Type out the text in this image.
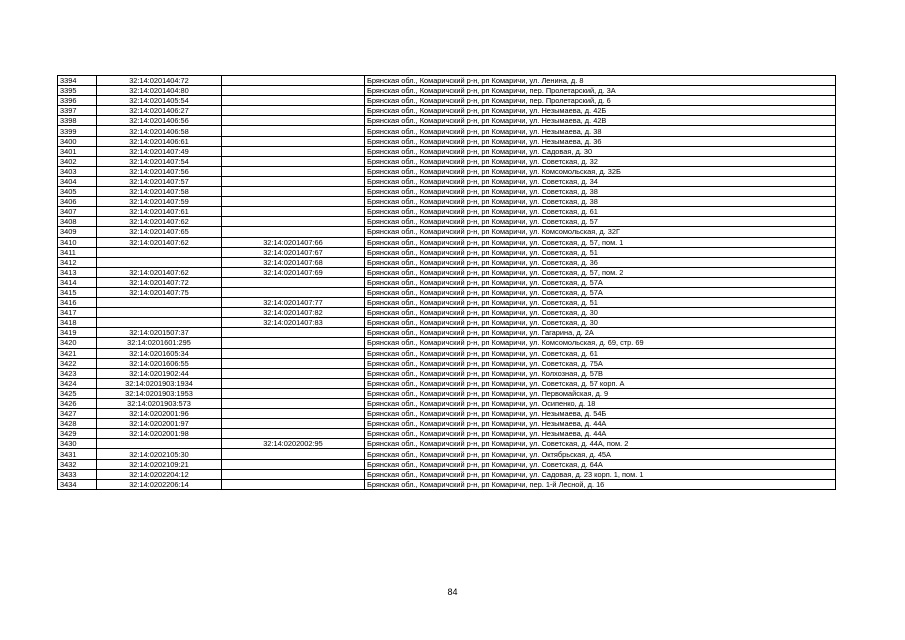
3394	32:14:0201404:72		Брянская обл., Комаричский р-н, рп Комаричи, ул. Ленина, д. 8
3395	32:14:0201404:80		Брянская обл., Комаричский р-н, рп Комаричи, пер. Пролетарский, д. 3А
3396	32:14:0201405:54		Брянская обл., Комаричский р-н, рп Комаричи, пер. Пролетарский, д. 6
3397	32:14:0201406:27		Брянская обл., Комаричский р-н, рп Комаричи, ул. Незымаева, д. 42Б
3398	32:14:0201406:56		Брянская обл., Комаричский р-н, рп Комаричи, ул. Незымаева, д. 42В
3399	32:14:0201406:58		Брянская обл., Комаричский р-н, рп Комаричи, ул. Незымаева, д. 38
3400	32:14:0201406:61		Брянская обл., Комаричский р-н, рп Комаричи, ул. Незымаева, д. 36
3401	32:14:0201407:49		Брянская обл., Комаричский р-н, рп Комаричи, ул. Садовая, д. 30
3402	32:14:0201407:54		Брянская обл., Комаричский р-н, рп Комаричи, ул. Советская, д. 32
3403	32:14:0201407:56		Брянская обл., Комаричский р-н, рп Комаричи, ул. Комсомольская, д. 32Б
3404	32:14:0201407:57		Брянская обл., Комаричский р-н, рп Комаричи, ул. Советская, д. 34
3405	32:14:0201407:58		Брянская обл., Комаричский р-н, рп Комаричи, ул. Советская, д. 38
3406	32:14:0201407:59		Брянская обл., Комаричский р-н, рп Комаричи, ул. Советская, д. 38
3407	32:14:0201407:61		Брянская обл., Комаричский р-н, рп Комаричи, ул. Советская, д. 61
3408	32:14:0201407:62		Брянская обл., Комаричский р-н, рп Комаричи, ул. Советская, д. 57
3409	32:14:0201407:65		Брянская обл., Комаричский р-н, рп Комаричи, ул. Комсомольская, д. 32Г
3410	32:14:0201407:62	32:14:0201407:66	Брянская обл., Комаричский р-н, рп Комаричи, ул. Советская, д. 57, пом. 1
3411		32:14:0201407:67	Брянская обл., Комаричский р-н, рп Комаричи, ул. Советская, д. 51
3412		32:14:0201407:68	Брянская обл., Комаричский р-н, рп Комаричи, ул. Советская, д. 36
3413	32:14:0201407:62	32:14:0201407:69	Брянская обл., Комаричский р-н, рп Комаричи, ул. Советская, д. 57, пом. 2
3414	32:14:0201407:72		Брянская обл., Комаричский р-н, рп Комаричи, ул. Советская, д. 57А
3415	32:14:0201407:75		Брянская обл., Комаричский р-н, рп Комаричи, ул. Советская, д. 57А
3416		32:14:0201407:77	Брянская обл., Комаричский р-н, рп Комаричи, ул. Советская, д. 51
3417		32:14:0201407:82	Брянская обл., Комаричский р-н, рп Комаричи, ул. Советская, д. 30
3418		32:14:0201407:83	Брянская обл., Комаричский р-н, рп Комаричи, ул. Советская, д. 30
3419	32:14:0201507:37		Брянская обл., Комаричский р-н, рп Комаричи, ул. Гагарина, д. 2А
3420	32:14:0201601:295		Брянская обл., Комаричский р-н, рп Комаричи, ул. Комсомольская, д. 69, стр. 69
3421	32:14:0201605:34		Брянская обл., Комаричский р-н, рп Комаричи, ул. Советская, д. 61
3422	32:14:0201606:55		Брянская обл., Комаричский р-н, рп Комаричи, ул. Советская, д. 75А
3423	32:14:0201902:44		Брянская обл., Комаричский р-н, рп Комаричи, ул. Колхозная, д. 57В
3424	32:14:0201903:1934		Брянская обл., Комаричский р-н, рп Комаричи, ул. Советская, д. 57 корп. А
3425	32:14:0201903:1953		Брянская обл., Комаричский р-н, рп Комаричи, ул. Первомайская, д. 9
3426	32:14:0201903:573		Брянская обл., Комаричский р-н, рп Комаричи, ул. Осипенко, д. 18
3427	32:14:0202001:96		Брянская обл., Комаричский р-н, рп Комаричи, ул. Незымаева, д. 54Б
3428	32:14:0202001:97		Брянская обл., Комаричский р-н, рп Комаричи, ул. Незымаева, д. 44А
3429	32:14:0202001:98		Брянская обл., Комаричский р-н, рп Комаричи, ул. Незымаева, д. 44А
3430		32:14:0202002:95	Брянская обл., Комаричский р-н, рп Комаричи, ул. Советская, д. 44А, пом. 2
3431	32:14:0202105:30		Брянская обл., Комаричский р-н, рп Комаричи, ул. Октябрьская, д. 45А
3432	32:14:0202109:21		Брянская обл., Комаричский р-н, рп Комаричи, ул. Советская, д. 64А
3433	32:14:0202204:12		Брянская обл., Комаричский р-н, рп Комаричи, ул. Садовая, д. 23 корп. 1, пом. 1
3434	32:14:0202206:14		Брянская обл., Комаричский р-н, рп Комаричи, пер. 1-й Лесной, д. 16
84
